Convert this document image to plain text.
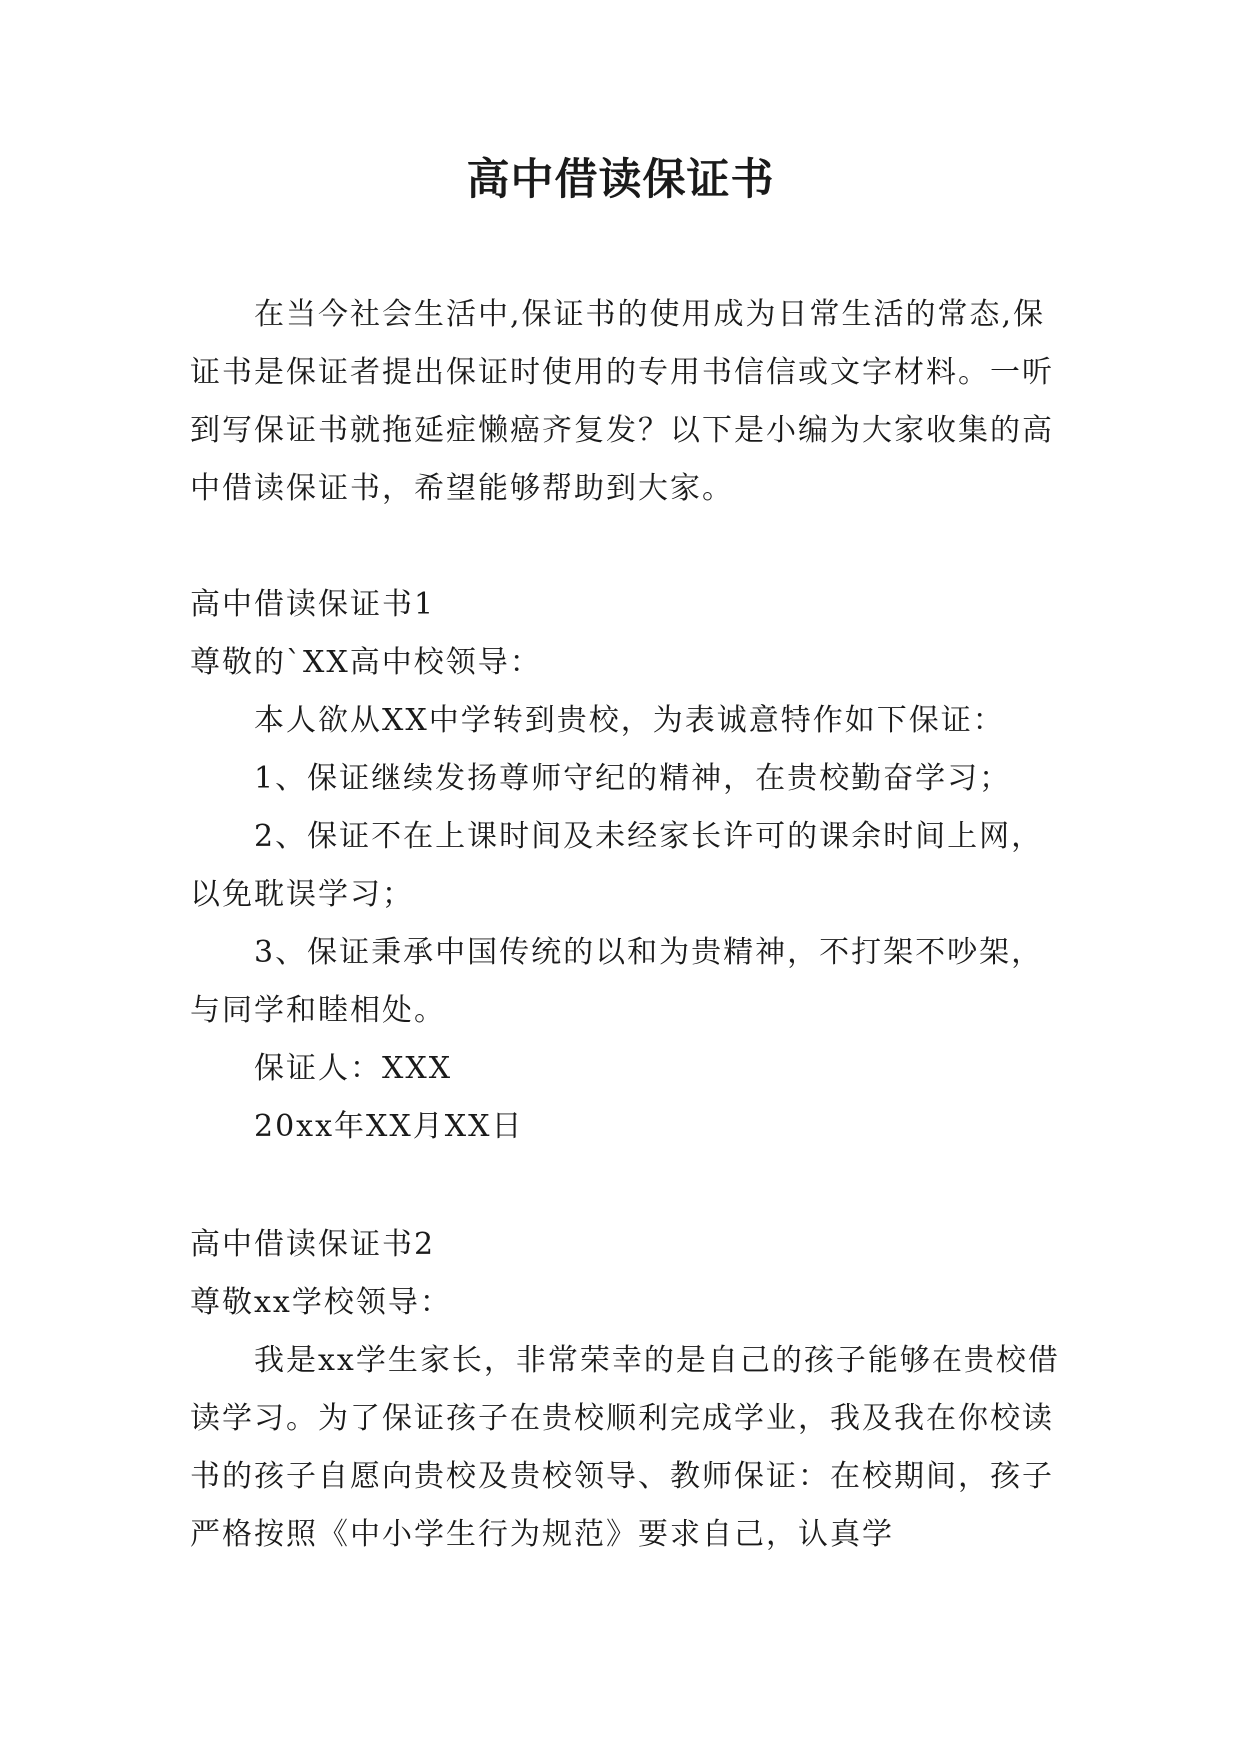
高中借读保证书

在当今社会生活中,保证书的使用成为日常生活的常态,保证书是保证者提出保证时使用的专用书信信或文字材料。一听到写保证书就拖延症懒癌齐复发？以下是小编为大家收集的高中借读保证书，希望能够帮助到大家。

高中借读保证书1

尊敬的`XX高中校领导：

本人欲从XX中学转到贵校，为表诚意特作如下保证：

1、保证继续发扬尊师守纪的精神，在贵校勤奋学习；

2、保证不在上课时间及未经家长许可的课余时间上网，以免耽误学习；

3、保证秉承中国传统的以和为贵精神，不打架不吵架，与同学和睦相处。

保证人：XXX

20xx年XX月XX日

高中借读保证书2

尊敬xx学校领导：

我是xx学生家长，非常荣幸的是自己的孩子能够在贵校借读学习。为了保证孩子在贵校顺利完成学业，我及我在你校读书的孩子自愿向贵校及贵校领导、教师保证：在校期间，孩子严格按照《中小学生行为规范》要求自己，认真学
